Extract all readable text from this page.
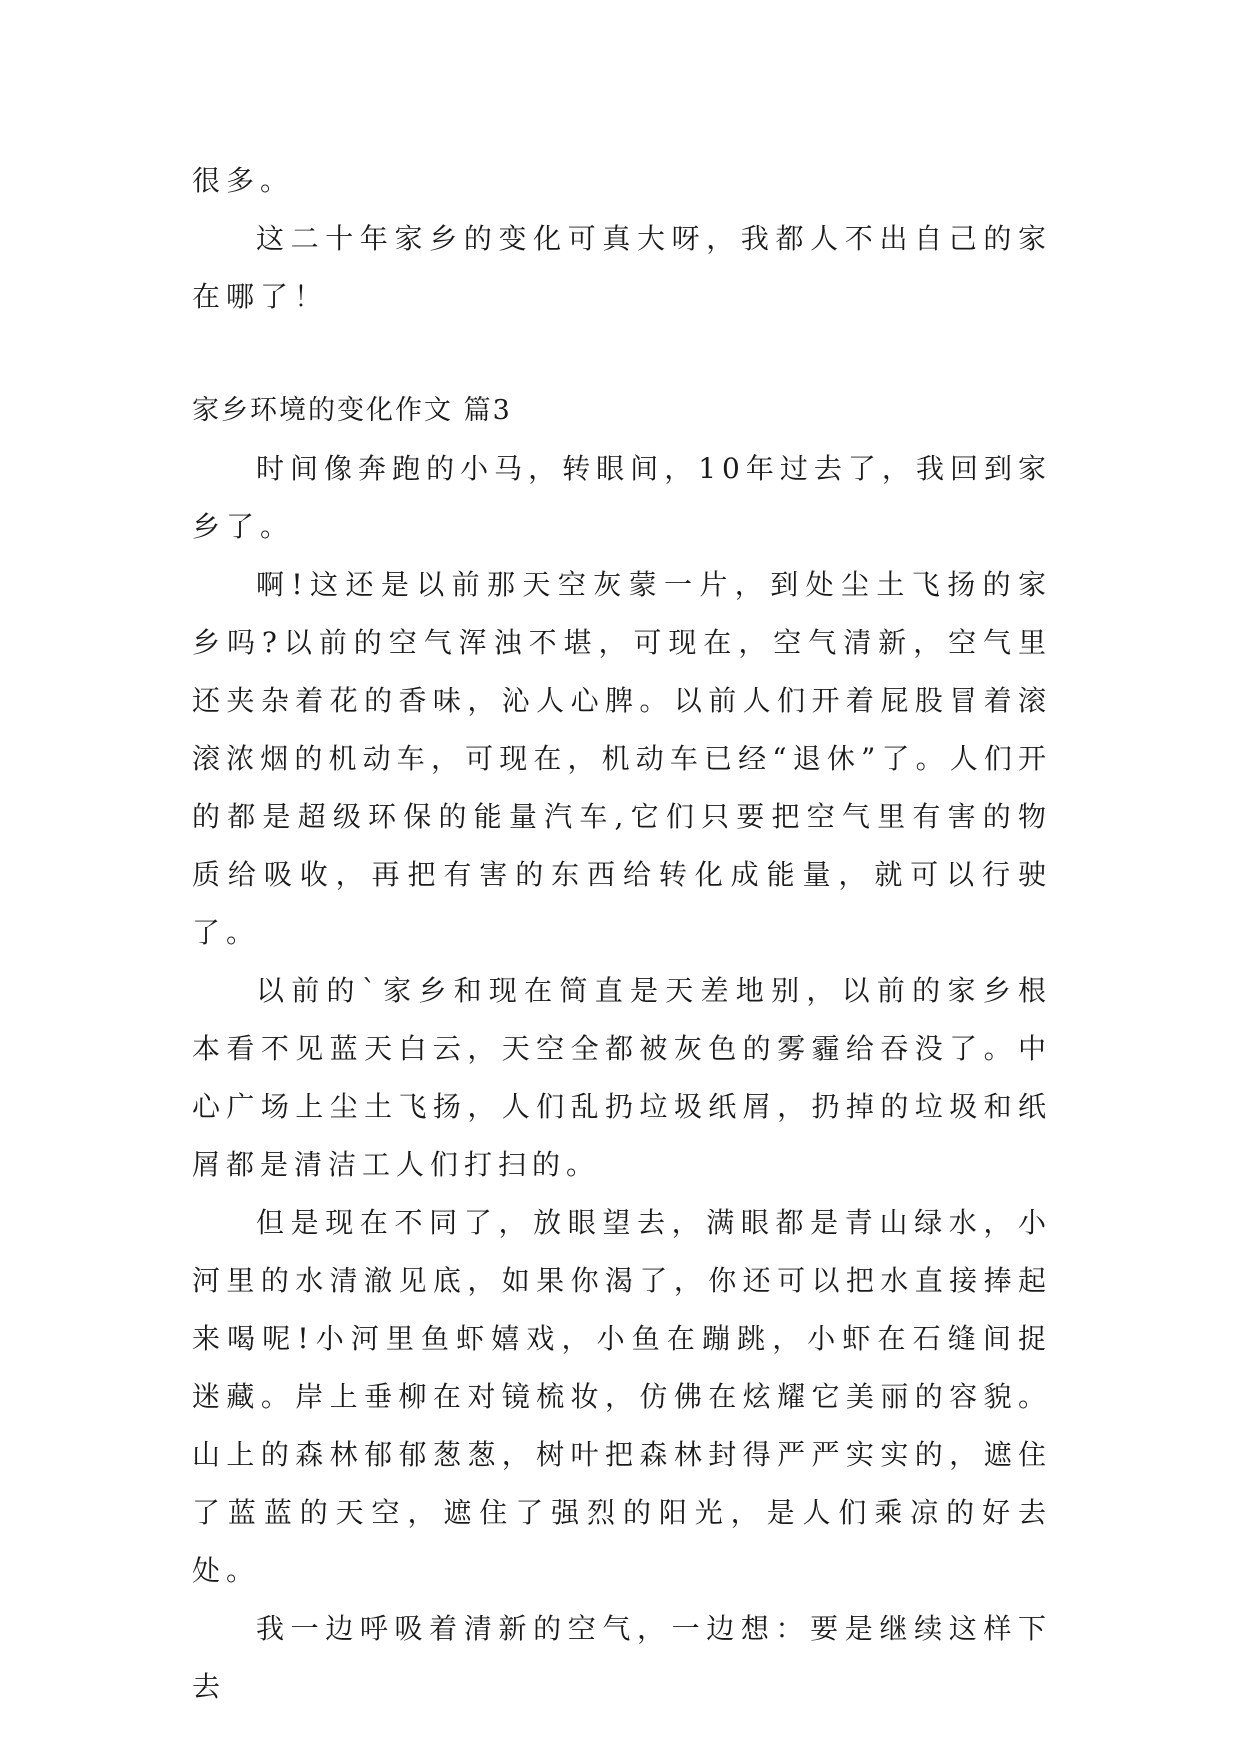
很多。

这二十年家乡的变化可真大呀，我都人不出自己的家在哪了！

家乡环境的变化作文 篇3

时间像奔跑的小马，转眼间，10年过去了，我回到家乡了。

啊!这还是以前那天空灰蒙一片，到处尘土飞扬的家乡吗?以前的空气浑浊不堪，可现在，空气清新，空气里还夹杂着花的香味，沁人心脾。以前人们开着屁股冒着滚滚浓烟的机动车，可现在，机动车已经“退休”了。人们开的都是超级环保的能量汽车,它们只要把空气里有害的物质给吸收，再把有害的东西给转化成能量，就可以行驶了。

以前的`家乡和现在简直是天差地别，以前的家乡根本看不见蓝天白云，天空全都被灰色的雾霾给吞没了。中心广场上尘土飞扬，人们乱扔垃圾纸屑，扔掉的垃圾和纸屑都是清洁工人们打扫的。

但是现在不同了，放眼望去，满眼都是青山绿水，小河里的水清澈见底，如果你渴了，你还可以把水直接捧起来喝呢!小河里鱼虾嬉戏，小鱼在蹦跳，小虾在石缝间捉迷藏。岸上垂柳在对镜梳妆，仿佛在炫耀它美丽的容貌。山上的森林郁郁葱葱，树叶把森林封得严严实实的，遮住了蓝蓝的天空，遮住了强烈的阳光，是人们乘凉的好去处。

我一边呼吸着清新的空气，一边想：要是继续这样下去
